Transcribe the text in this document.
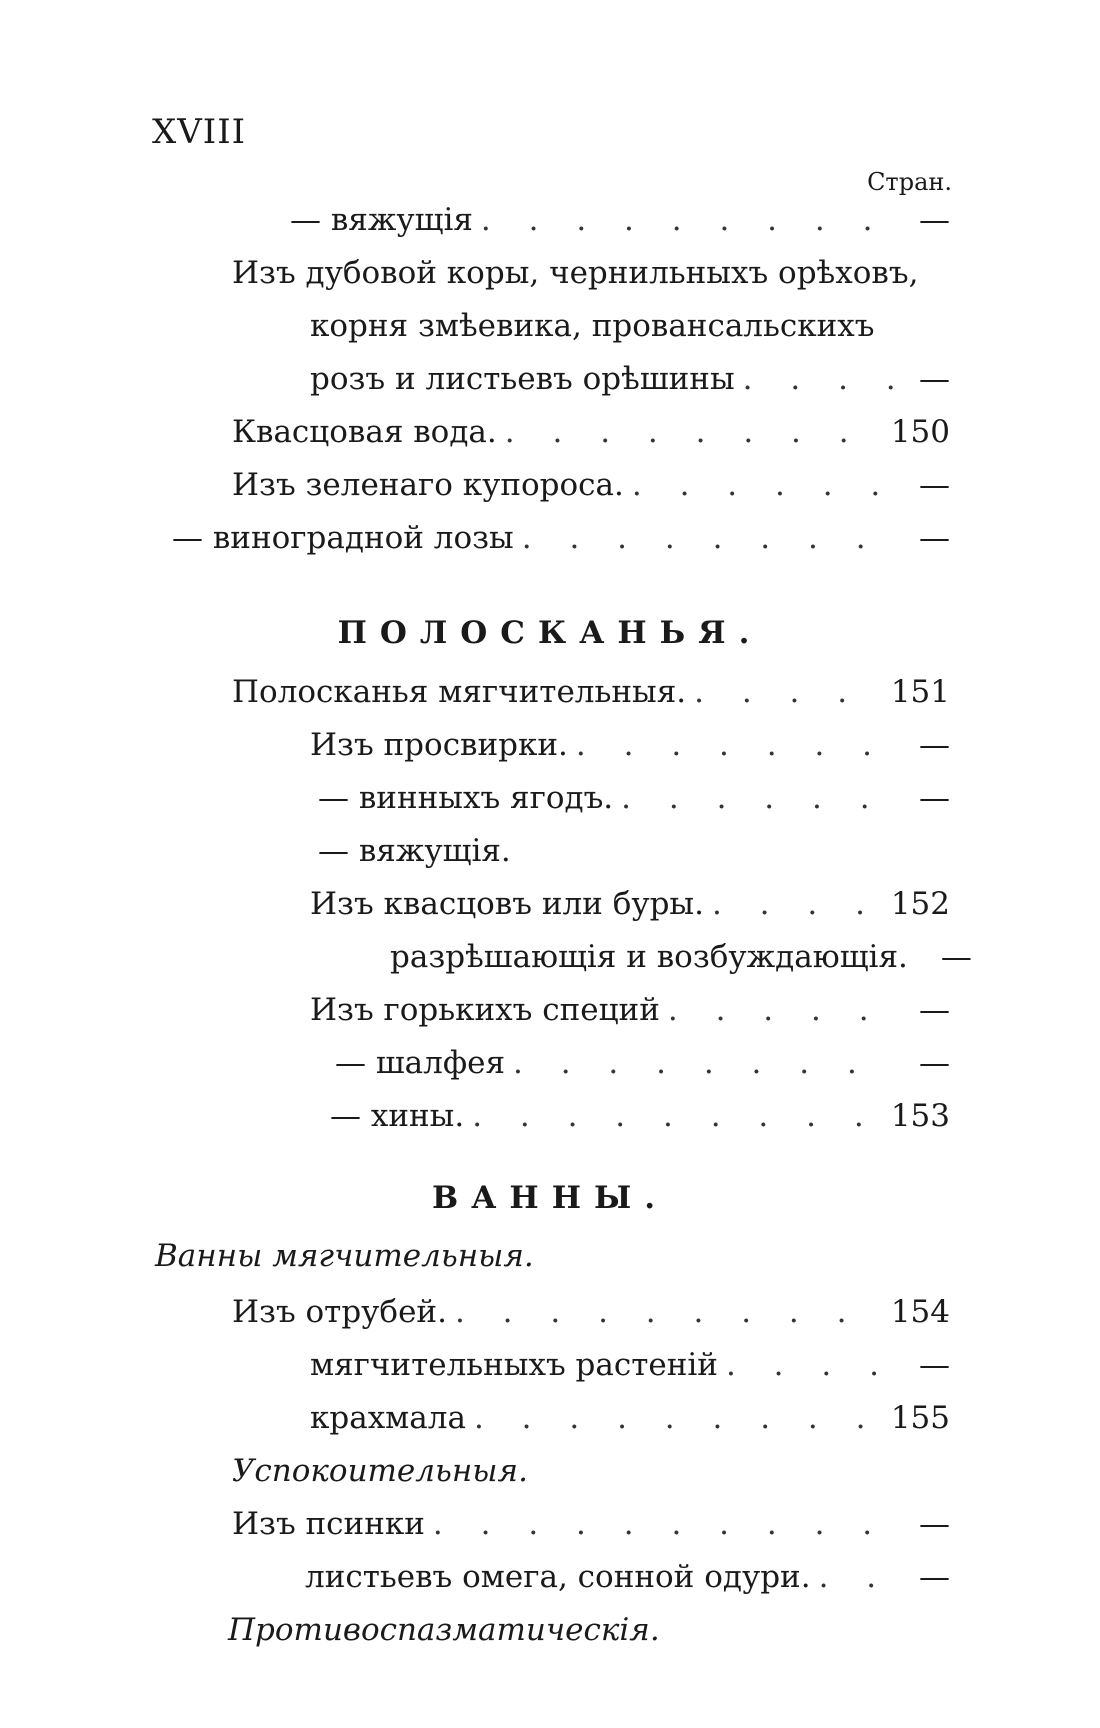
XVIII
Стран.
— вяжущія . . .	—
Изъ дубовой коры, чернильныхъ орѣховъ,
корня змѣевика, провансальскихъ
розъ и листьевъ орѣшины . . .	—
Квасцовая вода. . . .	150
Изъ зеленаго купороса. . . .	—
— виноградной лозы . . .	—
ПОЛОСКАНЬЯ.
Полосканья мягчительныя. . . .	151
Изъ просвирки. . . .	—
— винныхъ ягодъ. . . .	—
— вяжущія.
Изъ квасцовъ или буры. . . .	152
разрѣшающія и возбуждающія.	—
Изъ горькихъ специй . . .	—
— шалфея . . .	—
— хины. . . .	153
ВАННЫ.
Ванны мягчительныя.
Изъ отрубей. . . .	154
мягчительныхъ растеній . . .	—
крахмала . . .	155
Успокоительныя.
Изъ псинки . . .	—
листьевъ омега, сонной одури. . . .	—
Противоспазматическія.
